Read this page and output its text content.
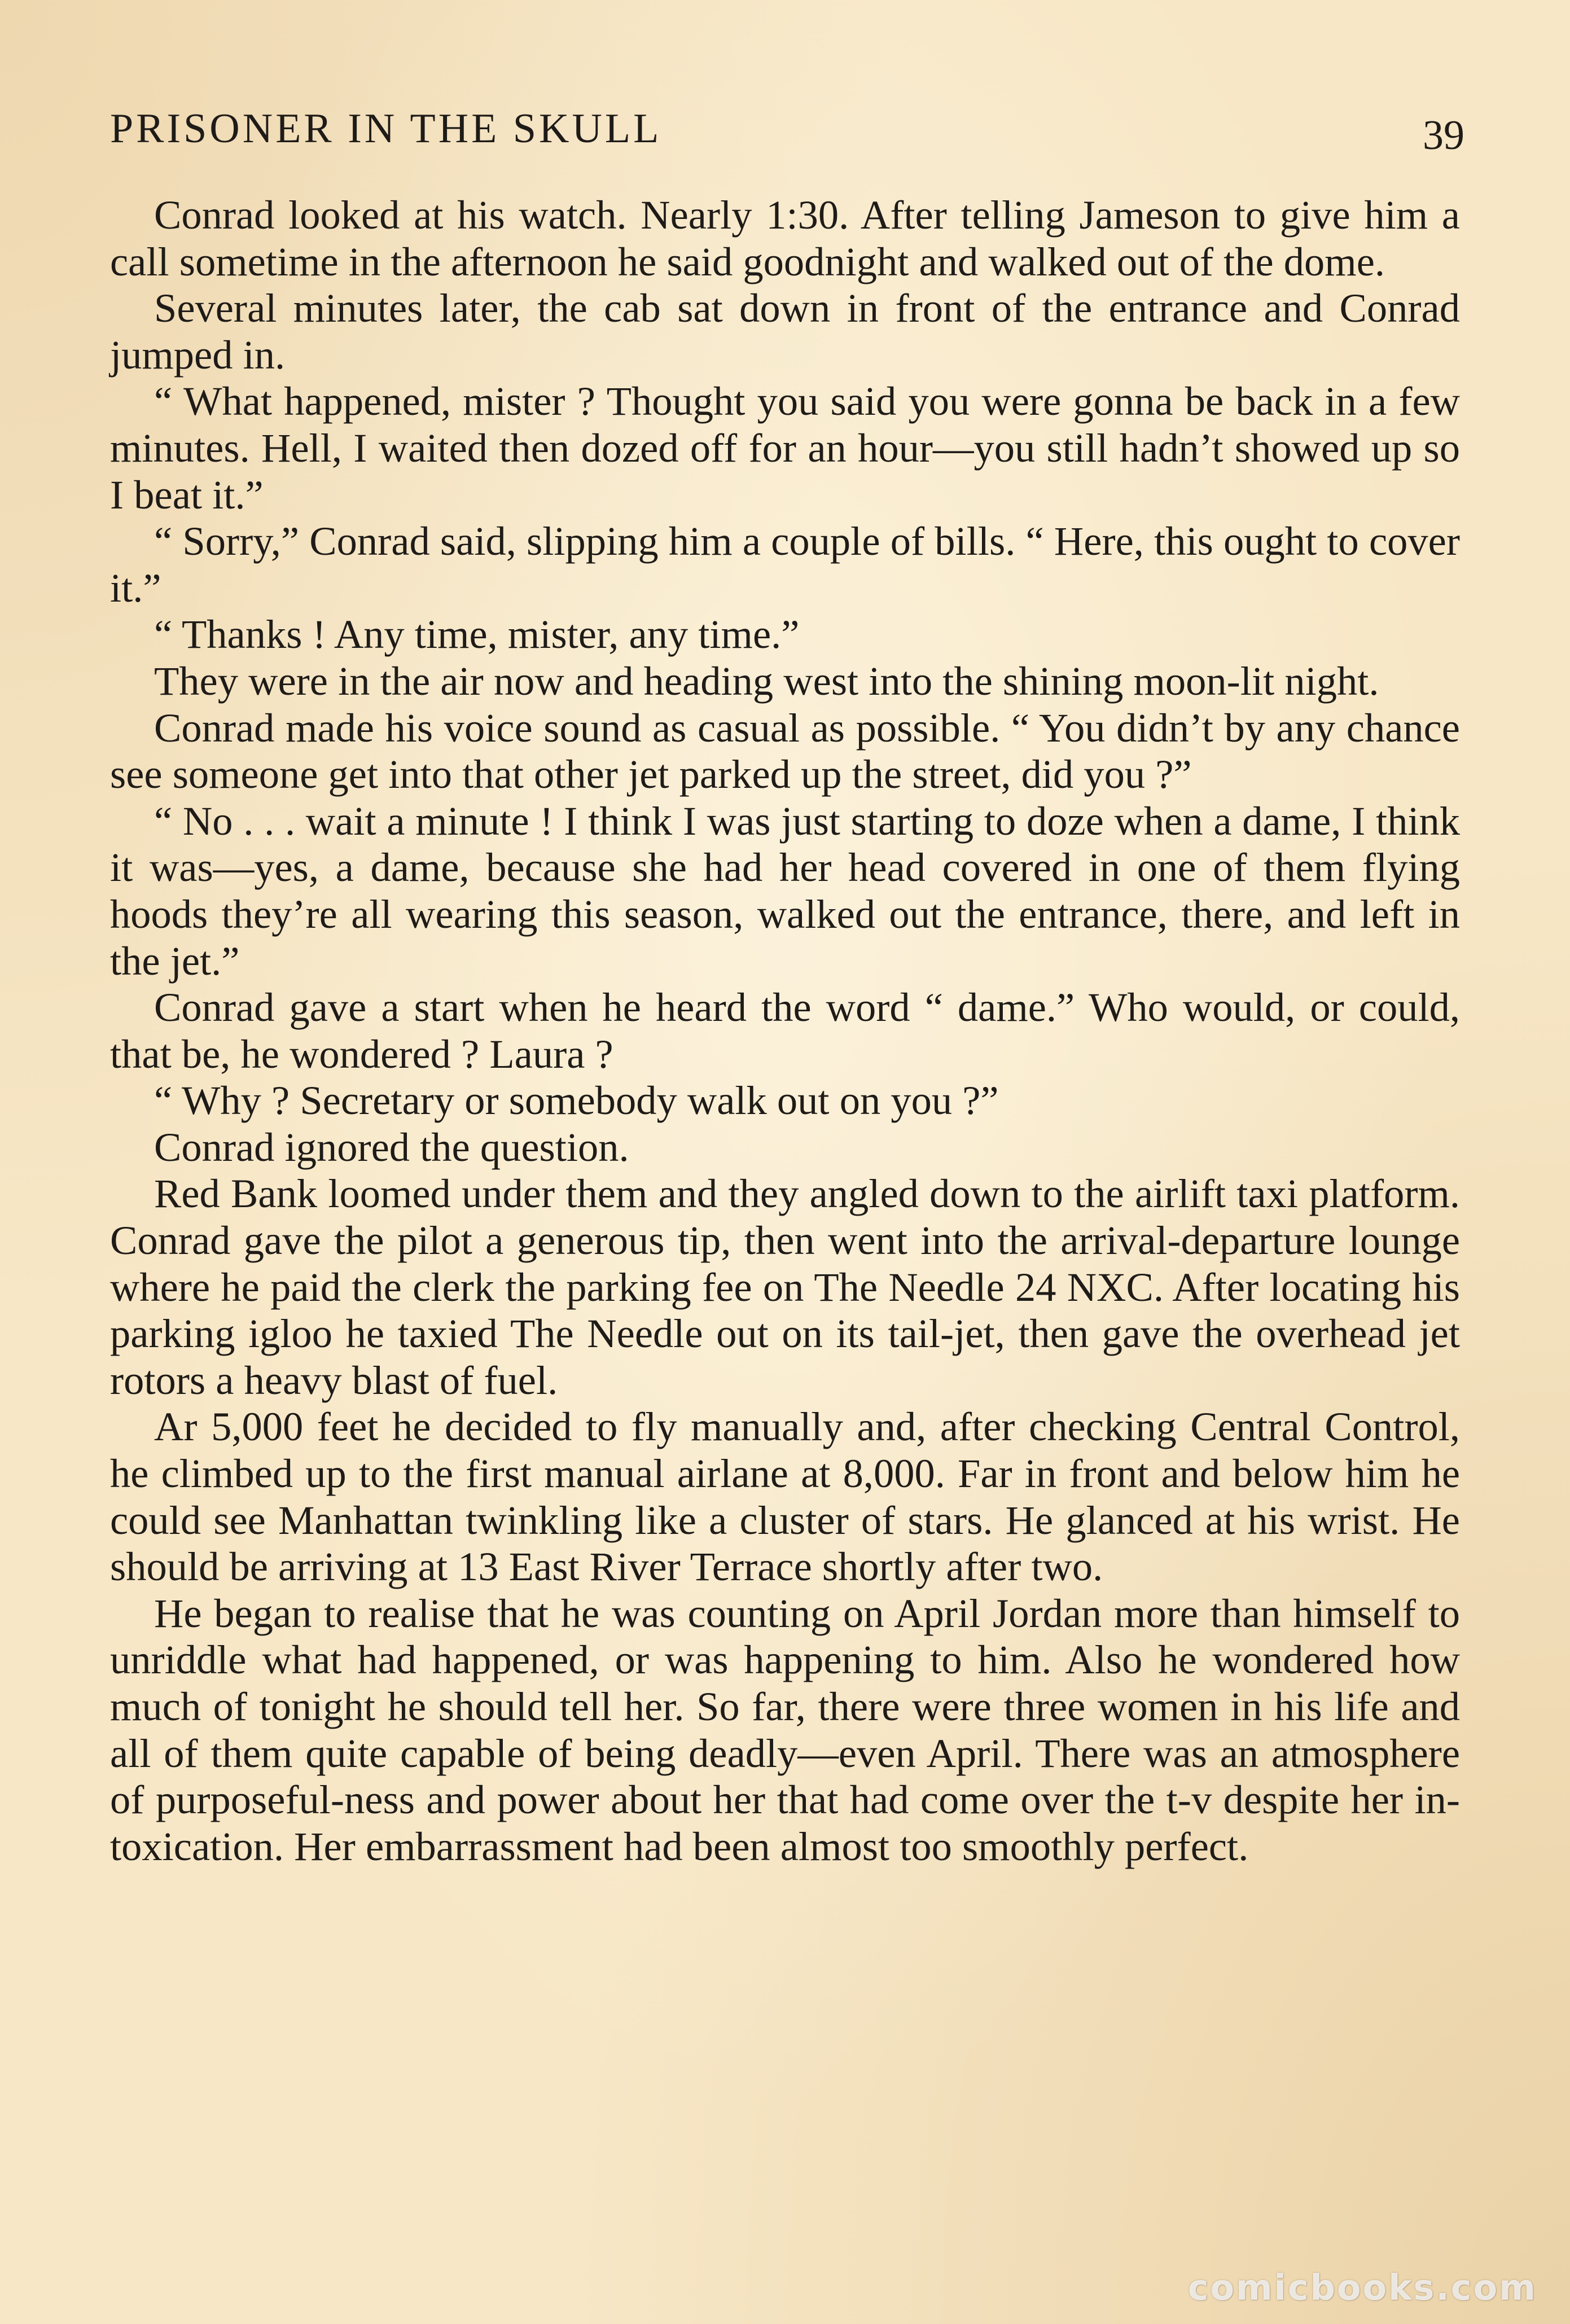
PRISONER IN THE SKULL	39

Conrad looked at his watch. Nearly 1:30. After telling Jameson to give him a call sometime in the afternoon he said goodnight and walked out of the dome.

Several minutes later, the cab sat down in front of the entrance and Conrad jumped in.

“ What happened, mister ? Thought you said you were gonna be back in a few minutes. Hell, I waited then dozed off for an hour—you still hadn’t showed up so I beat it.”

“ Sorry,” Conrad said, slipping him a couple of bills. “ Here, this ought to cover it.”

“ Thanks ! Any time, mister, any time.”

They were in the air now and heading west into the shining moon-lit night.

Conrad made his voice sound as casual as possible. “ You didn’t by any chance see someone get into that other jet parked up the street, did you ?”

“ No . . . wait a minute ! I think I was just starting to doze when a dame, I think it was—yes, a dame, because she had her head covered in one of them flying hoods they’re all wearing this season, walked out the entrance, there, and left in the jet.”

Conrad gave a start when he heard the word “ dame.” Who would, or could, that be, he wondered ? Laura ?

“ Why ? Secretary or somebody walk out on you ?”

Conrad ignored the question.

Red Bank loomed under them and they angled down to the airlift taxi platform. Conrad gave the pilot a generous tip, then went into the arrival-departure lounge where he paid the clerk the parking fee on The Needle 24 NXC. After locating his parking igloo he taxied The Needle out on its tail-jet, then gave the overhead jet rotors a heavy blast of fuel.

Ar 5,000 feet he decided to fly manually and, after checking Central Control, he climbed up to the first manual airlane at 8,000. Far in front and below him he could see Manhattan twinkling like a cluster of stars. He glanced at his wrist. He should be arriving at 13 East River Terrace shortly after two.

He began to realise that he was counting on April Jordan more than himself to unriddle what had happened, or was happening to him. Also he wondered how much of tonight he should tell her. So far, there were three women in his life and all of them quite capable of being deadly—even April. There was an atmosphere of purposeful-ness and power about her that had come over the t-v despite her in-toxication. Her embarrassment had been almost too smoothly perfect.

comicbooks.com
